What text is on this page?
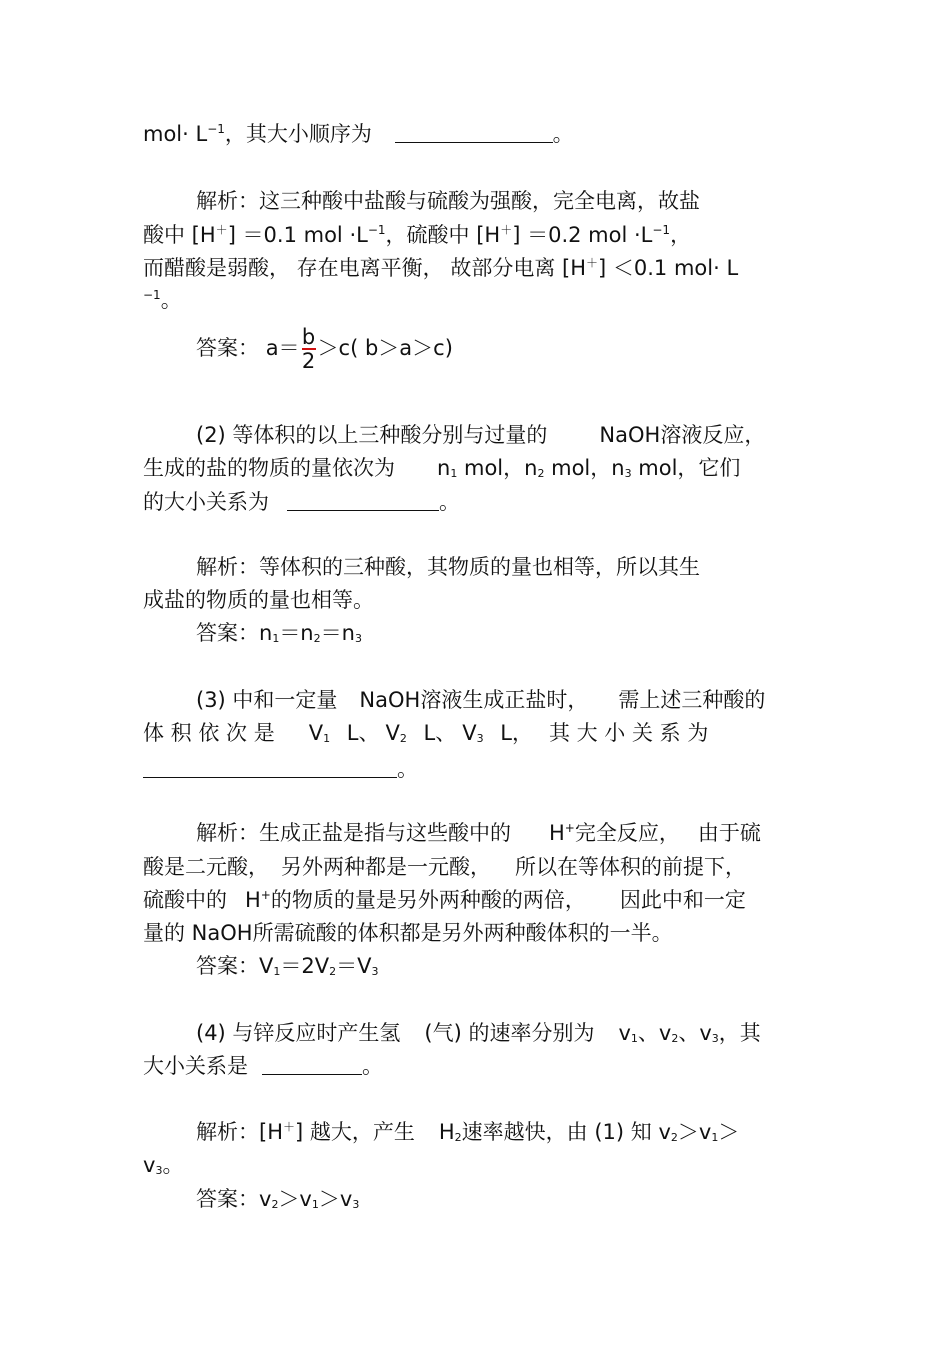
$mol\cdot L^{-1}$，其大小顺序为	。
解析：这三种酸中盐酸与硫酸为强酸，完全电离，故盐
酸中 [H＋] ＝0.1 mol $\cdot L^{-1}$，硫酸中 [H＋] ＝0.2 mol $\cdot L^{-1}$，
而醋酸是弱酸， 存在电离平衡， 故部分电离 [H＋] ＜0.1 mol· L
$^{-1}$。
答案： $a= \frac{b}{2} >c$( b＞a＞c)
(2) 等体积的以上三种酸分别与过量的 NaOH溶液反应，
生成的盐的物质的量依次为 $n_1$ mol，$n_2$ mol，$n_3$ mol，它们
的大小关系为	。
解析：等体积的三种酸，其物质的量也相等，所以其生
成盐的物质的量也相等。
答案：$n_1=n_2=n_3$
(3) 中和一定量 NaOH溶液生成正盐时， 需上述三种酸的
体 积 依 次 是 $V_1$ L、 $V_2$ L、 $V_3$ L， 其 大 小 关 系 为
。
解析：生成正盐是指与这些酸中的 H+完全反应， 由于硫
酸是二元酸， 另外两种都是一元酸， 所以在等体积的前提下，
硫酸中的 H+的物质的量是另外两种酸的两倍， 因此中和一定
量的 NaOH所需硫酸的体积都是另外两种酸体积的一半。
答案：$V_1=2V_2=V_3$
(4) 与锌反应时产生氢 (气) 的速率分别为 $v_1$、$v_2$、$v_3$，其
大小关系是	。
解析：[H＋] 越大，产生 $H_2$速率越快，由 (1) 知 $v_2>v_1>$
$v_3$。
答案：$v_2>v_1>v_3$
